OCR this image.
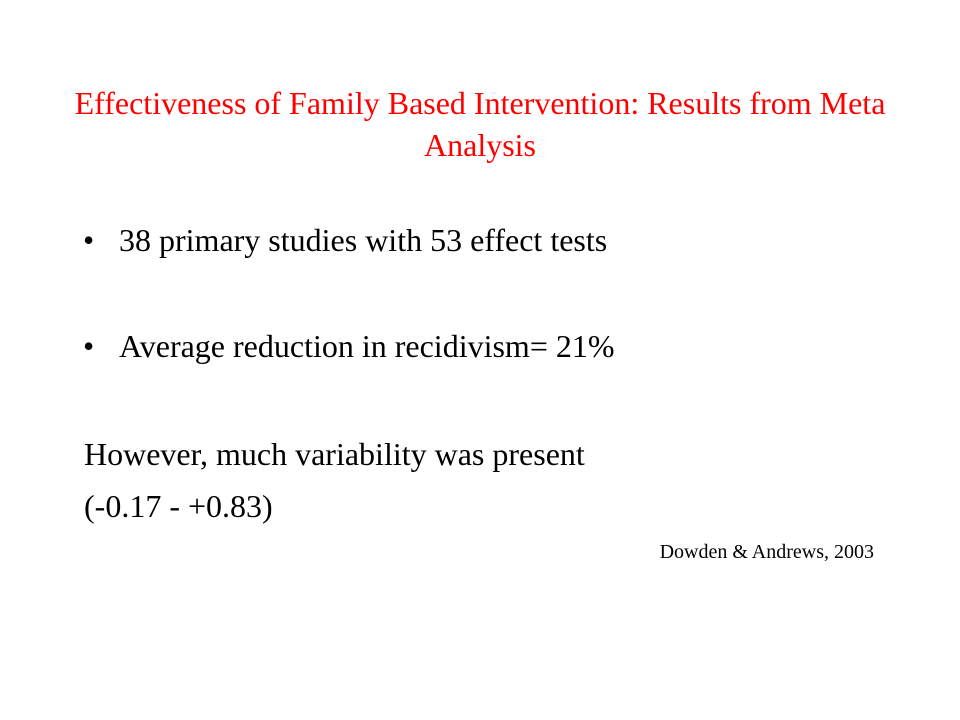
Effectiveness of Family Based Intervention: Results from Meta Analysis
• 38 primary studies with 53 effect tests
• Average reduction in recidivism= 21%
However, much variability was present
(-0.17 - +0.83)
Dowden & Andrews, 2003
